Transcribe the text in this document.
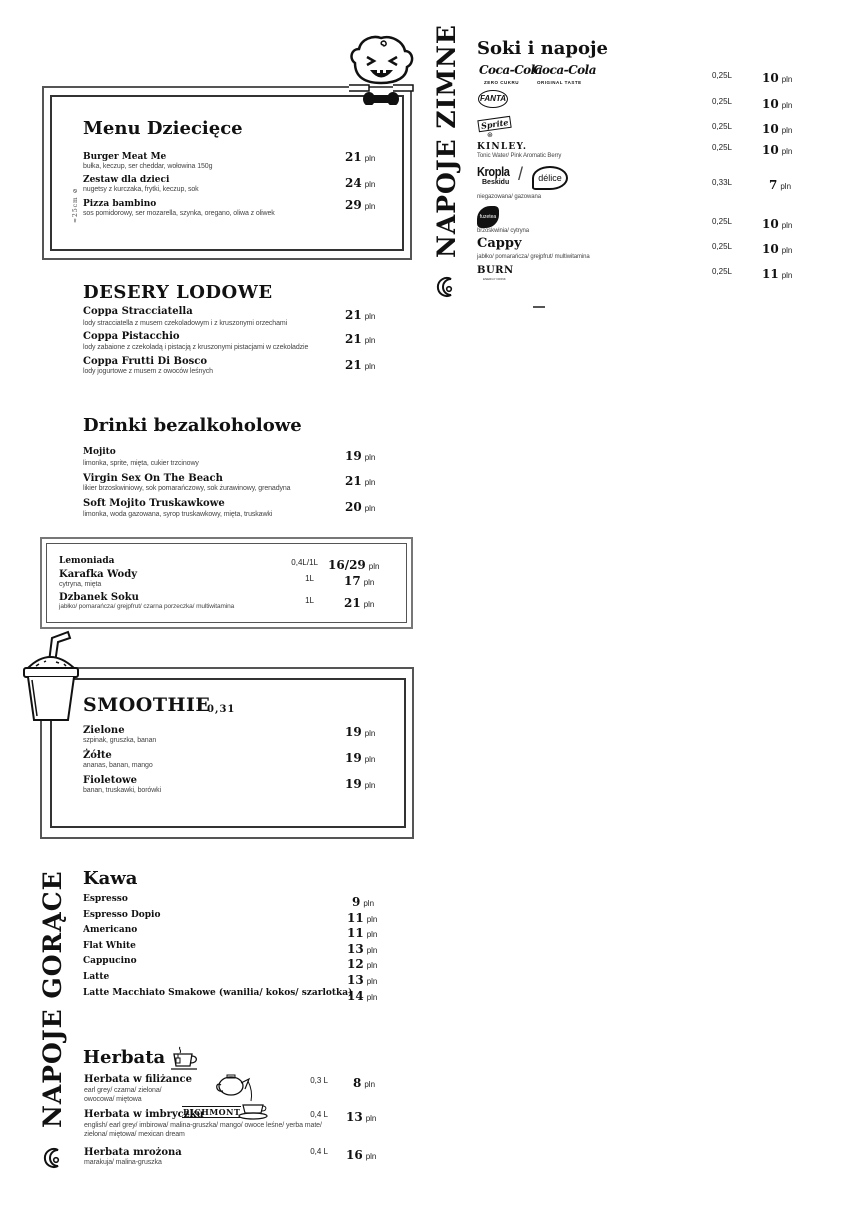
Menu Dziecięce
≈25cm ⊘
Burger Meat Me
bułka, keczup, ser cheddar, wołowina 150g
21 pln
Zestaw dla dzieci
nugetsy z kurczaka, frytki, keczup, sok	24 pln
Pizza bambino
sos pomidorowy, ser mozarella, szynka, oregano, oliwa z oliwek
29 pln
DESERY LODOWE
Coppa Stracciatella
lody stracciatella z musem czekoladowym i z kruszonymi orzechami
21 pln
Coppa Pistacchio
lody zabaione z czekoladą i pistacją z kruszonymi pistacjami w czekoladzie
21 pln
Coppa Frutti Di Bosco
lody jogurtowe z musem z owoców leśnych	21 pln
Drinki bezalkoholowe
Mojito
limonka, sprite, mięta, cukier trzcinowy
19 pln
Virgin Sex On The Beach
likier brzoskwiniowy, sok pomarańczowy, sok żurawinowy, grenadyna
21 pln
Soft Mojito Truskawkowe
limonka, woda gazowana, syrop truskawkowy, mięta, truskawki
20 pln
Lemoniada	0,4L/1L 16/29 pln
Karafka Wody
cytryna, mięta
1L	17 pln
Dzbanek Soku
jabłko/ pomarańcza/ grejpfrut/ czarna porzeczka/ multiwitamina
1L	21 pln
SMOOTHIE
0,31
Zielone
szpinak, gruszka, banan
19 pln
Żółte
ananas, banan, mango
19 pln
Fioletowe
banan, truskawki, borówki	19 pln
NAPOJE GORĄCE Kawa
Espresso	9 pln
Espresso Dopio	11 pln
Americano	11 pln
Flat White	13 pln
Cappucino	12 pln
Latte	13 pln
Latte Macchiato Smakowe (wanilia/ kokos/ szarlotka)
14 pln
Herbata
Herbata w filiżance
earl grey/ czarna/ zielona/
owocowa/ miętowa
0,3 L 8 pln
Herbata w imbryczku
RICHMONT
english/ earl grey/ imbirowa/ malina-gruszka/ mango/ owoce leśne/ yerba mate/
zielona/ miętowa/ mexican dream
0,4 L 13 pln
Herbata mrożona
marakuja/ malina-gruszka
0,4 L 16 pln
NAPOJE ZIMNE Soki i napoje
Coca-Cola
ZERO CUKRU
Coca-Cola
ORIGINAL TASTE
0,25L	10 pln
FANTA	0,25L	10 pln
Sprite
⊛
0,25L	10 pln
KINLEY.
Tonic Water/ Pink Aromatic Berry
0,25L	10 pln
Kropla
Beskidu /	délice
niegazowana/ gazowana
0,33L	7 pln
fuzetea
brzoskwinia/ cytryna
0,25L	10 pln
Cappy
jabłko/ pomarańcza/ grejpfrut/ multiwitamina
0,25L	10 pln
BURN
ENERGY DRINK
0,25L	11 pln
